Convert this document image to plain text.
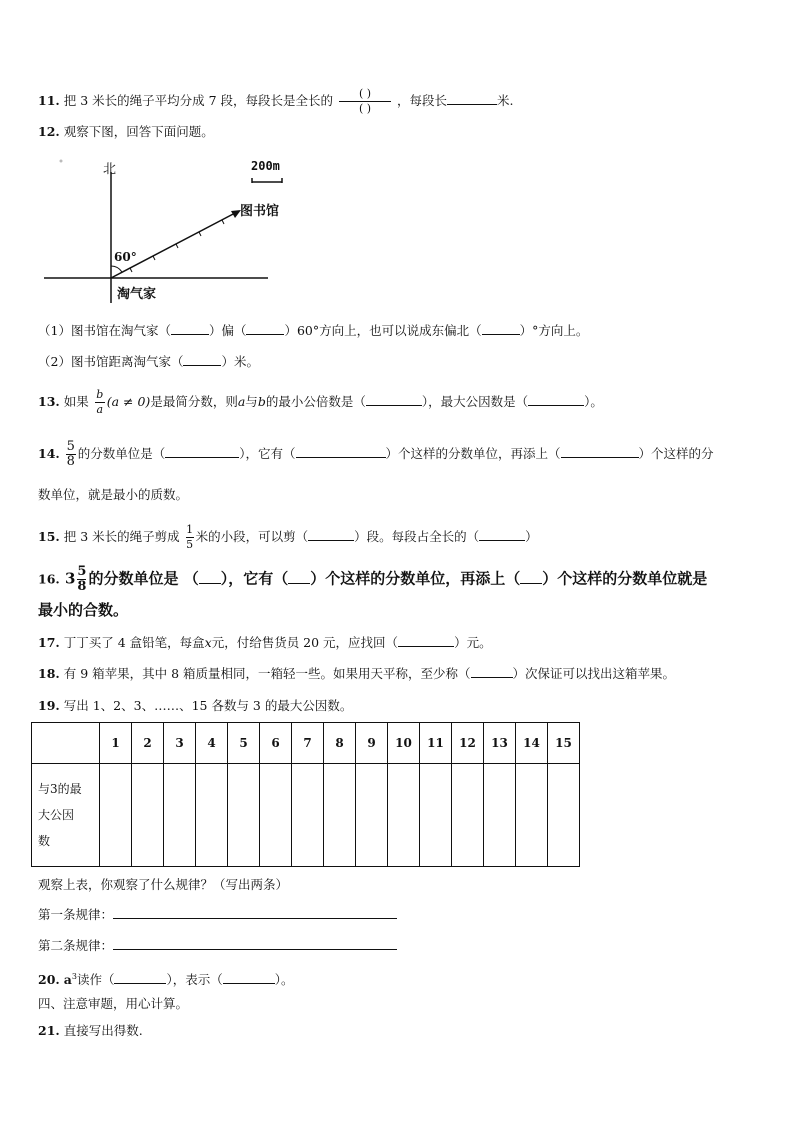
11. 把 3 米长的绳子平均分成 7 段，每段长是全长的 $\frac{( )}{( )}$ ，每段长	米.
12. 观察下图，回答下面问题。
北	200m
图书馆
60°
淘气家
（1）图书馆在淘气家（	）偏（	）60°方向上，也可以说成东偏北（	）°方向上。
（2）图书馆距离淘气家（	）米。
13. 如果 $\frac{b}{a} (a \ne 0)$是最简分数，则a与b的最小公倍数是（	），最大公因数是（	）。
14. $\frac{5}{8}$ 的分数单位是（	），它有（	）个这样的分数单位，再添上（	）个这样的分
数单位，就是最小的质数。
15. 把 3 米长的绳子剪成 $\frac{1}{5}$ 米的小段，可以剪（	）段。每段占全长的（	）
16. $3 \frac{5}{8}$ 的分数单位是 （ ），它有（ ）个这样的分数单位，再添上（ ）个这样的分数单位就是
最小的合数。
17. 丁丁买了 4 盒铅笔，每盒x元，付给售货员 20 元，应找回（	）元。
18. 有 9 箱苹果，其中 8 箱质量相同，一箱轻一些。如果用天平称，至少称（	）次保证可以找出这箱苹果。
19. 写出 1、2、3、……、15 各数与 3 的最大公因数。
	1	2	3	4	5	6	7	8	9	10	11	12	13	14	15

与3的最
大公因
数															

观察上表，你观察了什么规律？（写出两条）
第一条规律：
第二条规律：
20. $a^3$读作（	），表示（	）。
四、注意审题，用心计算。
21. 直接写出得数.
